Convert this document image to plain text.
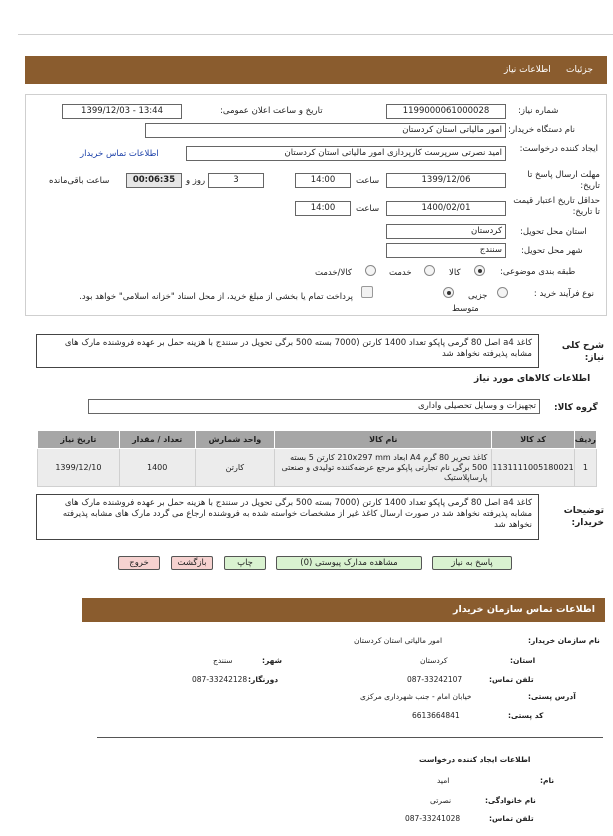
جزئیات
اطلاعات نیاز
شماره نیاز:
1199000061000028
تاریخ و ساعت اعلان عمومی:
1399/12/03 - 13:44
نام دستگاه خریدار:
امور مالیاتی استان کردستان
ایجاد کننده درخواست:
امید نصرتی سرپرست کارپردازی امور مالیاتی استان کردستان
اطلاعات تماس خریدار
مهلت ارسال پاسخ تا تاریخ:
1399/12/06
ساعت
14:00
3
روز و
00:06:35
ساعت باقی‌مانده
حداقل تاریخ اعتبار قیمت تا تاریخ:
1400/02/01
ساعت
14:00
استان محل تحویل:
کردستان
شهر محل تحویل:
سنندج
طبقه بندی موضوعی:
کالا
خدمت
کالا/خدمت
نوع فرآیند خرید :
جزیی
متوسط
پرداخت تمام یا بخشی از مبلغ خرید، از محل اسناد "خزانه اسلامی" خواهد بود.
شرح کلی نیاز:
کاغذ a4 اصل 80 گرمی پاپکو تعداد 1400 کارتن (7000 بسته 500 برگی تحویل در سنندج با هزینه حمل بر عهده فروشنده مارک های مشابه پذیرفته نخواهد شد
اطلاعات کالاهای مورد نیاز
گروه کالا:
تجهیزات و وسایل تحصیلی واداری
ردیف	کد کالا	نام کالا	واحد شمارش	تعداد / مقدار	تاریخ نیاز
1	1131111005180021	کاغذ تحریر 80 گرم A4 ابعاد 210x297 mm کارتن 5 بسته 500 برگی نام تجارتی پاپکو مرجع عرضه‌کننده تولیدی و صنعتی پارساپلاستیک	کارتن	1400	1399/12/10
توضیحات خریدار:
کاغذ a4 اصل 80 گرمی پاپکو تعداد 1400 کارتن (7000 بسته 500 برگی تحویل در سنندج با هزینه حمل بر عهده فروشنده مارک های مشابه پذیرفته نخواهد شد در صورت ارسال کاغذ غیر از مشخصات خواسته شده به فروشنده ارجاع می گردد مارک های مشابه پذیرفته نخواهد شد
پاسخ به نیاز
مشاهده مدارک پیوستی (0)
چاپ
بازگشت
خروج
اطلاعات تماس سازمان خریدار
نام سازمان خریدار:
امور مالیاتی استان کردستان
استان:
کردستان
شهر:
سنندج
تلفن تماس:
087-33242107
دورنگار:
087-33242128
آدرس پستی:
خیابان امام - جنب شهرداری مرکزی
کد پستی:
6613664841
اطلاعات ایجاد کننده درخواست
نام:
امید
نام خانوادگی:
نصرتی
تلفن تماس:
087-33241028
